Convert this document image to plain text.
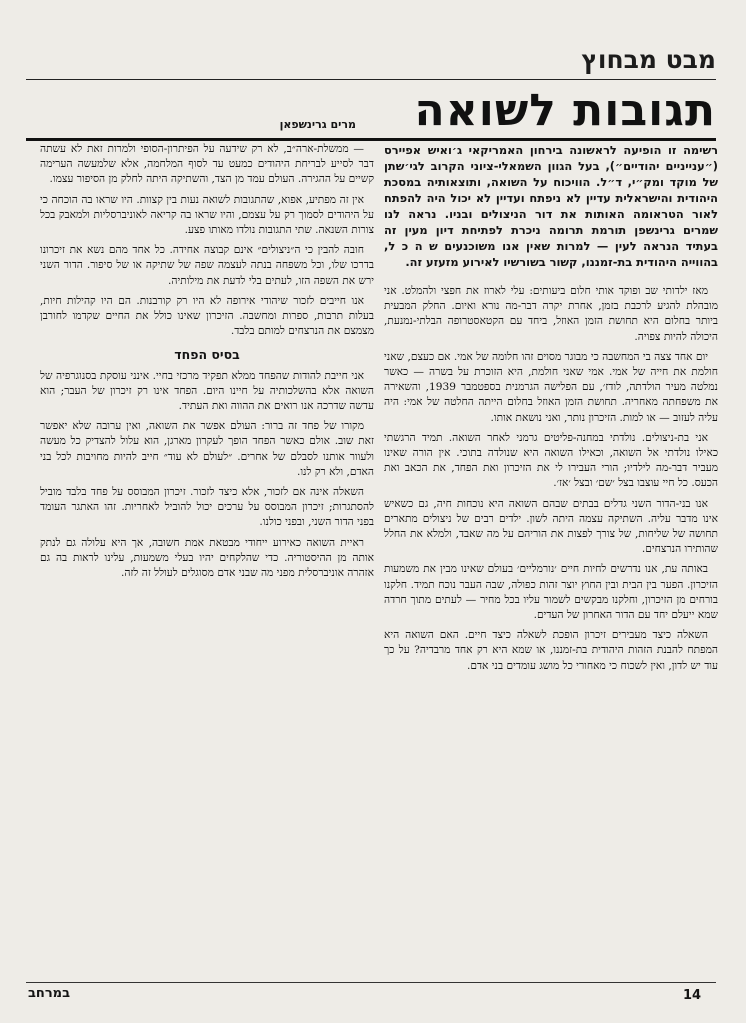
מבט מבחוץ
תגובות לשואה
מרים גרינשפאן
רשימה זו הופיעה לראשונה בירחון האמריקאי ג׳ואיש אפיירס (״ענייניים יהודיים״), בעל הגוון השמאלי-ציוני הקרוב לגי׳שתן של מוקד ומק״י, ד״ל. הוויכוח על השואה, ותוצאותיה במסכת היהודית והישראלית עדיין לא ניפתח ועדיין לא יכול היה להפתח לאור הטראומה האותות את דור הניצולים ובניו. נראה לנו שמרים גרינשפן תורמת תרומה ניכרת לפתיחת דיון מעין זה בעתיד הנראה לעין — למרות שאין אנו משוכנעים ש ה כ ל, בהווייה היהודית בת-זמננו, קשור בשורשיו לאירוע מזעזע זה.

מאז ילדותי שב ופוקד אותי חלום ביעותים: עלי לארוז את חפצי ולהמלט. אני מובהלת להגיע לרכבת בזמן, אחרת יקרה דבר-מה נורא ואיום. החלק המבעית ביותר בחלום היא תחושת הזמן האוזל, ביחד עם הקטאסטרופה הבלתי-נמנעת, היכולה להיות צפויה.

יום אחד צצה בי המחשבה כי מבוגר מסוים זהו חלומה של אמי. אם כעצם, שאני חולמת את חייה של אמי. אמי שאני חולמת, היא הזוכרת על בשרה — כאשר נמלטה מעיר הולדתה, לודז׳, עם הפלישה הגרמנית בספטמבר 1939, והשאירה את משפחתה מאחריה. תחושת הזמן האוזל בחלום הייתה החלטה של אמי: היה עליה לעזוב — או למות. הזיכרון נותר, ואני נושאת אותו.

אני בת-ניצולים. נולדתי במחנה-פליטים גרמני לאחר השואה. תמיד הרגשתי כאילו נולדתי אל השואה, וכאילו השואה היא שנולדה בתוכי. אין הורה שאינו מעביר דבר-מה לילדיו; הורי העבירו לי את הזיכרון ואת הפחד, את הכאב ואת הכעס. כל חיי עוצבו בצל ׳שם׳ ובצל ׳אז׳.

אנו בני-הדור השני גדלים בבתים שבהם השואה היא נוכחות חיה, גם כשאיש אינו מדבר עליה. השתיקה עצמה היתה לשון. ילדים רבים של ניצולים מתארים תחושה של שליחות, של צורך לפצות את הוריהם על מה שאבד, ולמלא את החלל שהותירו הנרצחים.

באותה עת, אנו נדרשים לחיות חיים ׳נורמליים׳ בעולם שאינו מבין את משמעות הזיכרון. הפער בין הבית ובין החוץ יוצר זהות כפולה, שבה העבר נוכח תמיד. חלקנו בורחים מן הזיכרון, וחלקנו מבקשים לשמור עליו בכל מחיר — לעתים מתוך חרדה שמא ייעלם יחד עם הדור האחרון של העדים.

השאלה כיצד מעבירים זיכרון הופכת לשאלה כיצד חיים. האם השואה היא המפתח להבנת הזהות היהודית בת-זמננו, או שמא היא רק אחד מרבדיה? על כך עוד יש לדון, ואין לשכוח כי מאחורי כל מושג עומדים בני אדם.

— ממשלת-ארה״ב, לא רק שידעה על הפיתרון-הסופי ולמרות זאת לא עשתה דבר לסייע לבריחת היהודים כמעט עד לסוף המלחמה, אלא שלמעשה הערימה קשיים על ההגירה. העולם עמד מן הצד, והשתיקה היתה לחלק מן הסיפור עצמו.

אין זה מפתיע, אפוא, שהתגובות לשואה נעות בין קצוות. היו שראו בה הוכחה כי על היהודים לסמוך רק על עצמם, והיו שראו בה קריאה לאוניברסליות ולמאבק בכל צורות השנאה. שתי התגובות נולדו מאותו פצע.

חובה להבין כי ה״ניצולים״ אינם קבוצה אחידה. כל אחד מהם נשא את זיכרונו בדרכו שלו, וכל משפחה בנתה לעצמה שפה של שתיקה או של סיפור. הדור השני ירש את השפה הזו, לעתים בלי לדעת את מילותיה.

אנו חייבים לזכור שיהודי אירופה לא היו רק קורבנות. הם היו קהילות חיות, בעלות תרבות, ספרות ומחשבה. הזיכרון שאינו כולל את החיים שקדמו לחורבן מצמצם את הנרצחים למותם בלבד.

בסיס הפחד

אני חייבת להודות שהפחד ממלא תפקיד מרכזי בחיי. אינני עוסקת בסנוגרפיה של השואה אלא בהשלכותיה על חיינו היום. הפחד אינו רק זיכרון של העבר; הוא עדשה שדרכה אנו רואים את ההווה ואת העתיד.

מקורו של פחד זה ברור: העולם אפשר את השואה, ואין ערובה שלא יאפשר זאת שוב. אולם כאשר הפחד הופך לעקרון מארגן, הוא עלול להצדיק כל מעשה ולעוור אותנו לסבלם של אחרים. ״לעולם לא עוד״ חייב להיות מחויבות לכל בני האדם, ולא רק לנו.

השאלה אינה אם לזכור, אלא כיצד לזכור. זיכרון המבוסס על פחד בלבד מוביל להסתגרות; זיכרון המבוסס על ערכים יכול להוביל לאחריות. זהו האתגר העומד בפני הדור השני, ובפני כולנו.

ראיית השואה כאירוע ייחודי מבטאת אמת חשובה, אך היא עלולה גם לנתק אותה מן ההיסטוריה. כדי שהלקחים יהיו בעלי משמעות, עלינו לראות בה גם אזהרה אוניברסלית מפני מה שבני אדם מסוגלים לעולל זה לזה.

14
במרחב
